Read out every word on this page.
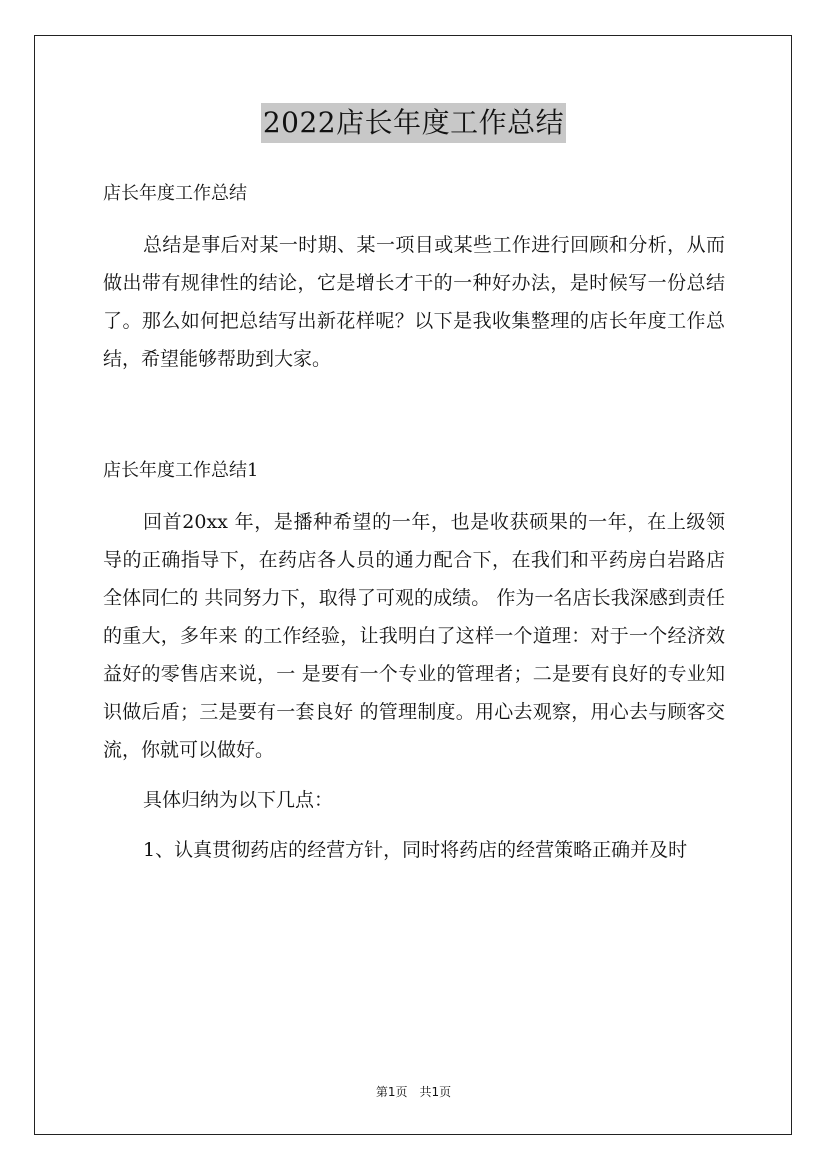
2022店长年度工作总结

店长年度工作总结

总结是事后对某一时期、某一项目或某些工作进行回顾和分析，从而做出带有规律性的结论，它是增长才干的一种好办法，是时候写一份总结了。那么如何把总结写出新花样呢？以下是我收集整理的店长年度工作总结，希望能够帮助到大家。

店长年度工作总结1

回首20xx 年，是播种希望的一年，也是收获硕果的一年，在上级领导的正确指导下，在药店各人员的通力配合下，在我们和平药房白岩路店全体同仁的 共同努力下，取得了可观的成绩。 作为一名店长我深感到责任的重大，多年来 的工作经验，让我明白了这样一个道理：对于一个经济效益好的零售店来说，一 是要有一个专业的管理者；二是要有良好的专业知识做后盾；三是要有一套良好 的管理制度。用心去观察，用心去与顾客交流，你就可以做好。

具体归纳为以下几点：

1、认真贯彻药店的经营方针，同时将药店的经营策略正确并及时

第1页　共1页
